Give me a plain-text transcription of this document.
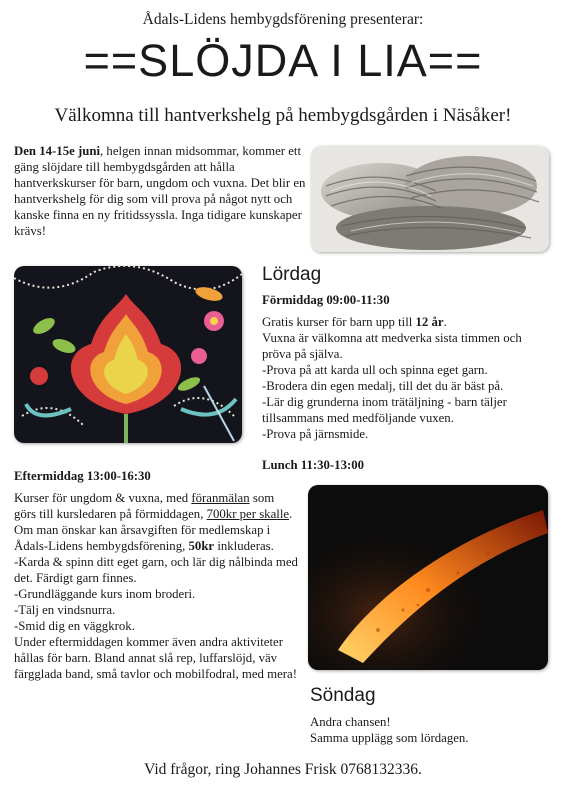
Ådals-Lidens hembygdsförening presenterar:
==SLÖJDA I LIA==
Välkomna till hantverkshelg på hembygdsgården i Näsåker!

Den 14-15e juni, helgen innan midsommar, kommer ett gäng slöjdare till hembygdsgården att hålla hantverkskurser för barn, ungdom och vuxna. Det blir en hantverkshelg för dig som vill prova på något nytt och kanske finna en ny fritidssyssla. Inga tidigare kunskaper krävs!

Lördag
Förmiddag 09:00-11:30

Gratis kurser för barn upp till 12 år.

Vuxna är välkomna att medverka sista timmen och pröva på själva.

-Prova på att karda ull och spinna eget garn.

-Brodera din egen medalj, till det du är bäst på.

-Lär dig grunderna inom trätäljning - barn täljer tillsammans med medföljande vuxen.

-Prova på järnsmide.

Lunch 11:30-13:00
Eftermiddag 13:00-16:30

Kurser för ungdom & vuxna, med föranmälan som görs till kursledaren på förmiddagen, 700kr per skalle.

Om man önskar kan årsavgiften för medlemskap i Ådals-Lidens hembygdsförening, 50kr inkluderas.

-Karda & spinn ditt eget garn, och lär dig nålbinda med det. Färdigt garn finnes.

-Grundläggande kurs inom broderi.

-Tälj en vindsnurra.

-Smid dig en väggkrok.

Under eftermiddagen kommer även andra aktiviteter hållas för barn. Bland annat slå rep, luffarslöjd, väv färgglada band, små tavlor och mobilfodral, med mera!

Söndag

Andra chansen!

Samma upplägg som lördagen.

Vid frågor, ring Johannes Frisk 0768132336.
